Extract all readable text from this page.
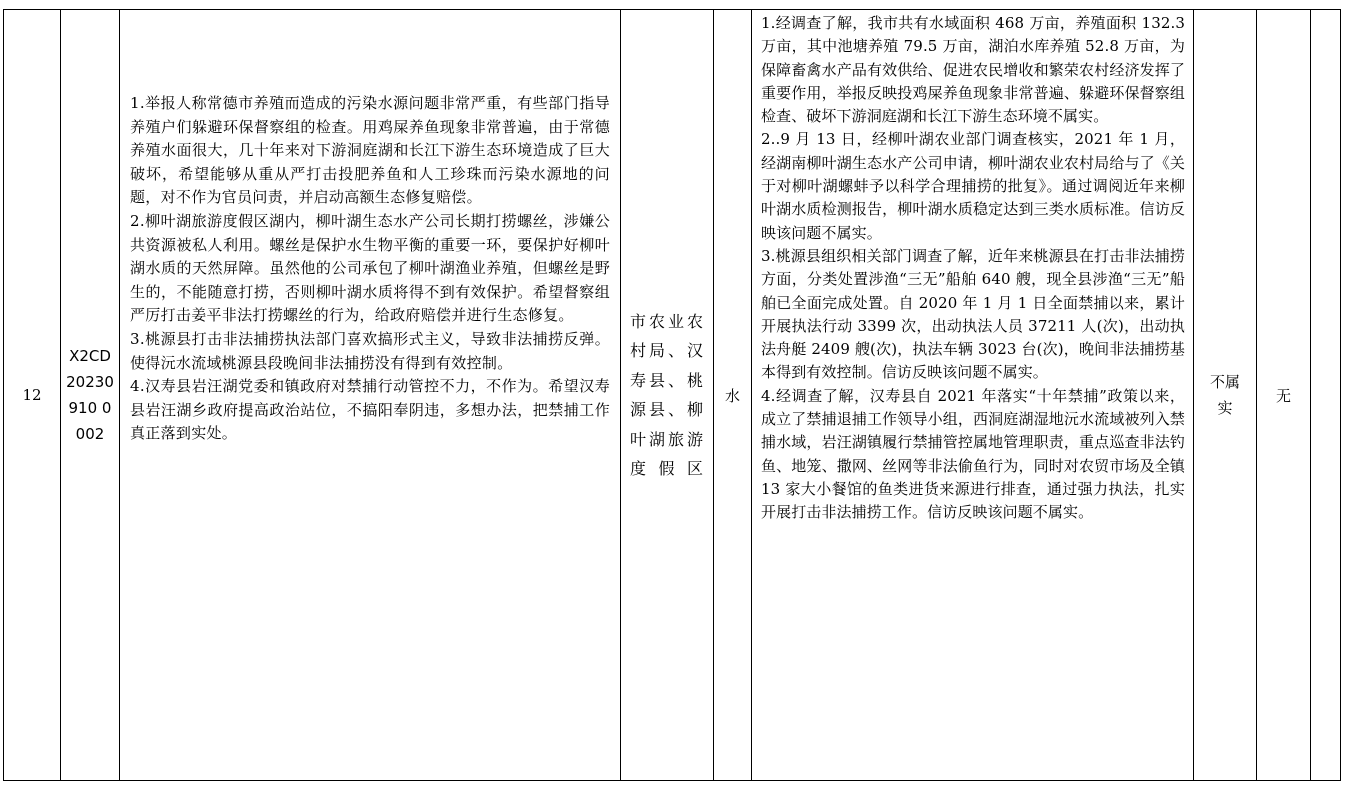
12
X2CD20230910 0002

1.举报人称常德市养殖而造成的污染水源问题非常严重，有些部门指导养殖户们躲避环保督察组的检查。用鸡屎养鱼现象非常普遍，由于常德养殖水面很大，几十年来对下游洞庭湖和长江下游生态环境造成了巨大破坏，希望能够从重从严打击投肥养鱼和人工珍珠而污染水源地的问题，对不作为官员问责，并启动高额生态修复赔偿。

2.柳叶湖旅游度假区湖内，柳叶湖生态水产公司长期打捞螺丝，涉嫌公共资源被私人利用。螺丝是保护水生物平衡的重要一环，要保护好柳叶湖水质的天然屏障。虽然他的公司承包了柳叶湖渔业养殖，但螺丝是野生的，不能随意打捞，否则柳叶湖水质将得不到有效保护。希望督察组严厉打击姜平非法打捞螺丝的行为，给政府赔偿并进行生态修复。

3.桃源县打击非法捕捞执法部门喜欢搞形式主义，导致非法捕捞反弹。使得沅水流域桃源县段晚间非法捕捞没有得到有效控制。

4.汉寿县岩汪湖党委和镇政府对禁捕行动管控不力，不作为。希望汉寿县岩汪湖乡政府提高政治站位，不搞阳奉阴违，多想办法，把禁捕工作真正落到实处。

市农业农村局、汉寿县、桃源县、柳叶湖旅游度假区
水

1.经调查了解，我市共有水域面积 468 万亩，养殖面积 132.3 万亩，其中池塘养殖 79.5 万亩，湖泊水库养殖 52.8 万亩，为保障畜禽水产品有效供给、促进农民增收和繁荣农村经济发挥了重要作用，举报反映投鸡屎养鱼现象非常普遍、躲避环保督察组检查、破坏下游洞庭湖和长江下游生态环境不属实。

2..9 月 13 日，经柳叶湖农业部门调查核实，2021 年 1 月，经湖南柳叶湖生态水产公司申请，柳叶湖农业农村局给与了《关于对柳叶湖螺蚌予以科学合理捕捞的批复》。通过调阅近年来柳叶湖水质检测报告，柳叶湖水质稳定达到三类水质标准。信访反映该问题不属实。

3.桃源县组织相关部门调查了解，近年来桃源县在打击非法捕捞方面，分类处置涉渔“三无”船舶 640 艘，现全县涉渔“三无”船舶已全面完成处置。自 2020 年 1 月 1 日全面禁捕以来，累计开展执法行动 3399 次，出动执法人员 37211 人(次)，出动执法舟艇 2409 艘(次)，执法车辆 3023 台(次)，晚间非法捕捞基本得到有效控制。信访反映该问题不属实。

4.经调查了解，汉寿县自 2021 年落实“十年禁捕”政策以来，成立了禁捕退捕工作领导小组，西洞庭湖湿地沅水流域被列入禁捕水域，岩汪湖镇履行禁捕管控属地管理职责，重点巡查非法钓鱼、地笼、撒网、丝网等非法偷鱼行为，同时对农贸市场及全镇 13 家大小餐馆的鱼类进货来源进行排查，通过强力执法，扎实开展打击非法捕捞工作。信访反映该问题不属实。

不属实
无
